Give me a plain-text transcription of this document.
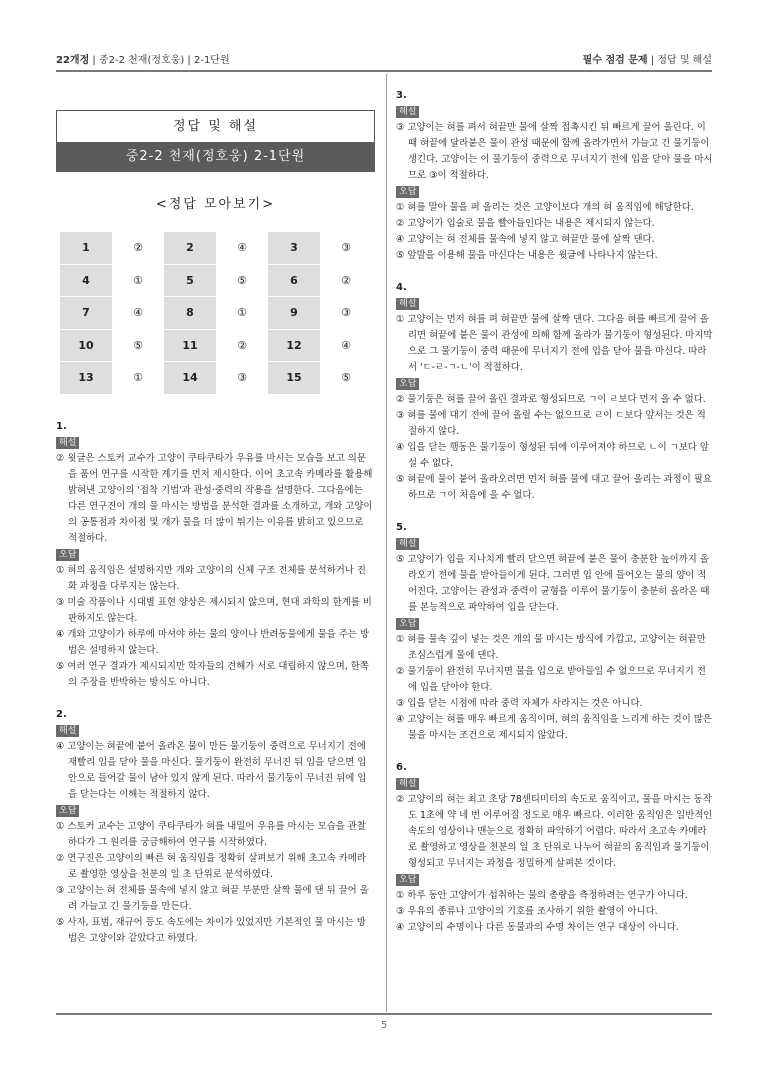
22개정 | 중2-2 천재(정호웅) | 2-1단원	필수 점검 문제 | 정답 및 해설
정답 및 해설
중2-2 천재(정호웅) 2-1단원
<정답 모아보기>
1	②	2	④	3	③
4	①	5	⑤	6	②
7	④	8	①	9	③
10	⑤	11	②	12	④
13	①	14	③	15	⑤
1.
해설
② 윗글은 스토커 교수가 고양이 쿠타쿠타가 우유를 마시는 모습을 보고 의문을 품어 연구를 시작한 계기를 먼저 제시한다. 이어 초고속 카메라를 활용해 밝혀낸 고양이의 '접착 기법'과 관성·중력의 작용을 설명한다. 그다음에는 다른 연구진이 개의 물 마시는 방법을 분석한 결과를 소개하고, 개와 고양이의 공통점과 차이점 및 개가 물을 더 많이 튀기는 이유를 밝히고 있으므로 적절하다.
오답
① 혀의 움직임은 설명하지만 개와 고양이의 신체 구조 전체를 분석하거나 진화 과정을 다루지는 않는다.
③ 미술 작품이나 시대별 표현 양상은 제시되지 않으며, 현대 과학의 한계를 비판하지도 않는다.
④ 개와 고양이가 하루에 마셔야 하는 물의 양이나 반려동물에게 물을 주는 방법은 설명하지 않는다.
⑤ 여러 연구 결과가 제시되지만 학자들의 견해가 서로 대립하지 않으며, 한쪽의 주장을 반박하는 방식도 아니다.
2.
해설
④ 고양이는 혀끝에 붙어 올라온 물이 만든 물기둥이 중력으로 무너지기 전에 재빨리 입을 닫아 물을 마신다. 물기둥이 완전히 무너진 뒤 입을 닫으면 입 안으로 들어갈 물이 남아 있지 않게 된다. 따라서 물기둥이 무너진 뒤에 입을 닫는다는 이해는 적절하지 않다.
오답
① 스토커 교수는 고양이 쿠타쿠타가 혀를 내밀어 우유를 마시는 모습을 관찰하다가 그 원리를 궁금해하여 연구를 시작하였다.
② 연구진은 고양이의 빠른 혀 움직임을 정확히 살펴보기 위해 초고속 카메라로 촬영한 영상을 천분의 일 초 단위로 분석하였다.
③ 고양이는 혀 전체를 물속에 넣지 않고 혀끝 부분만 살짝 물에 댄 뒤 끌어 올려 가늘고 긴 물기둥을 만든다.
⑤ 사자, 표범, 재규어 등도 속도에는 차이가 있었지만 기본적인 물 마시는 방법은 고양이와 같았다고 하였다.
3.
해설
③ 고양이는 혀를 펴서 혀끝만 물에 살짝 접촉시킨 뒤 빠르게 끌어 올린다. 이때 혀끝에 달라붙은 물이 관성 때문에 함께 올라가면서 가늘고 긴 물기둥이 생긴다. 고양이는 이 물기둥이 중력으로 무너지기 전에 입을 닫아 물을 마시므로 ③이 적절하다.
오답
① 혀를 말아 물을 퍼 올리는 것은 고양이보다 개의 혀 움직임에 해당한다.
② 고양이가 입술로 물을 빨아들인다는 내용은 제시되지 않는다.
④ 고양이는 혀 전체를 물속에 넣지 않고 혀끝만 물에 살짝 댄다.
⑤ 앞발을 이용해 물을 마신다는 내용은 윗글에 나타나지 않는다.
4.
해설
① 고양이는 먼저 혀를 펴 혀끝만 물에 살짝 댄다. 그다음 혀를 빠르게 끌어 올리면 혀끝에 붙은 물이 관성에 의해 함께 올라가 물기둥이 형성된다. 마지막으로 그 물기둥이 중력 때문에 무너지기 전에 입을 닫아 물을 마신다. 따라서 'ㄷ-ㄹ-ㄱ-ㄴ'이 적절하다.
오답
② 물기둥은 혀를 끌어 올린 결과로 형성되므로 ㄱ이 ㄹ보다 먼저 올 수 없다.
③ 혀를 물에 대기 전에 끌어 올릴 수는 없으므로 ㄹ이 ㄷ보다 앞서는 것은 적절하지 않다.
④ 입을 닫는 행동은 물기둥이 형성된 뒤에 이루어져야 하므로 ㄴ이 ㄱ보다 앞설 수 없다.
⑤ 혀끝에 물이 붙어 올라오려면 먼저 혀를 물에 대고 끌어 올리는 과정이 필요하므로 ㄱ이 처음에 올 수 없다.
5.
해설
⑤ 고양이가 입을 지나치게 빨리 닫으면 혀끝에 붙은 물이 충분한 높이까지 올라오기 전에 물을 받아들이게 된다. 그러면 입 안에 들어오는 물의 양이 적어진다. 고양이는 관성과 중력이 균형을 이루어 물기둥이 충분히 올라온 때를 본능적으로 파악하여 입을 닫는다.
오답
① 혀를 물속 깊이 넣는 것은 개의 물 마시는 방식에 가깝고, 고양이는 혀끝만 조심스럽게 물에 댄다.
② 물기둥이 완전히 무너지면 물을 입으로 받아들일 수 없으므로 무너지기 전에 입을 닫아야 한다.
③ 입을 닫는 시점에 따라 중력 자체가 사라지는 것은 아니다.
④ 고양이는 혀를 매우 빠르게 움직이며, 혀의 움직임을 느리게 하는 것이 많은 물을 마시는 조건으로 제시되지 않았다.
6.
해설
② 고양이의 혀는 최고 초당 78센티미터의 속도로 움직이고, 물을 마시는 동작도 1초에 약 네 번 이루어질 정도로 매우 빠르다. 이러한 움직임은 일반적인 속도의 영상이나 맨눈으로 정확히 파악하기 어렵다. 따라서 초고속 카메라로 촬영하고 영상을 천분의 일 초 단위로 나누어 혀끝의 움직임과 물기둥이 형성되고 무너지는 과정을 정밀하게 살펴본 것이다.
오답
① 하루 동안 고양이가 섭취하는 물의 총량을 측정하려는 연구가 아니다.
③ 우유의 종류나 고양이의 기호를 조사하기 위한 촬영이 아니다.
④ 고양이의 수명이나 다른 동물과의 수명 차이는 연구 대상이 아니다.
5
